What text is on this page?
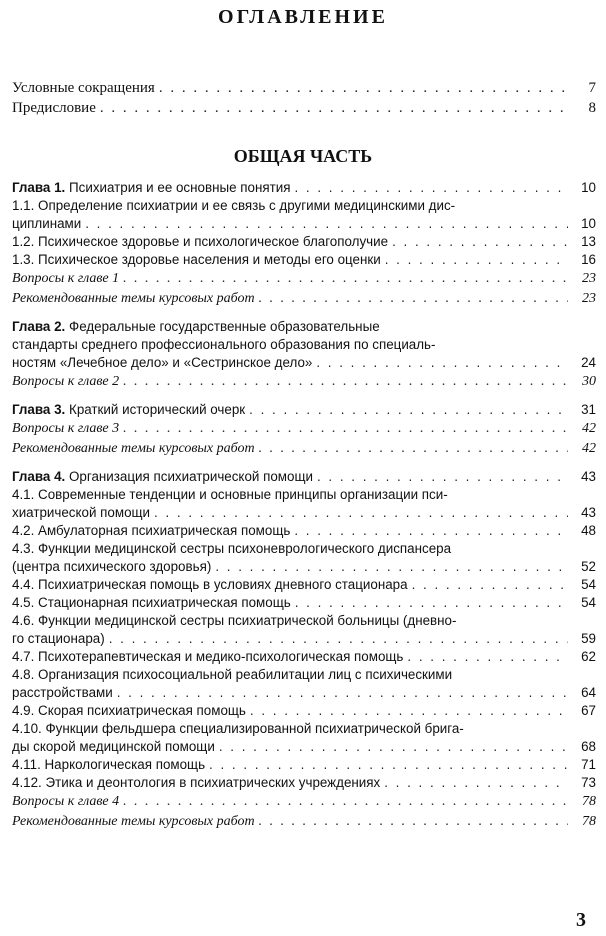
ОГЛАВЛЕНИЕ
Условные сокращения . . .	7
Предисловие . . .	8
ОБЩАЯ ЧАСТЬ
Глава 1. Психиатрия и ее основные понятия . . .	10
1.1. Определение психиатрии и ее связь с другими медицинскими дис-
циплинами . . .	10
1.2. Психическое здоровье и психологическое благополучие . . .	13
1.3. Психическое здоровье населения и методы его оценки . . .	16
Вопросы к главе 1 . . .	23
Рекомендованные темы курсовых работ . . .	23
Глава 2. Федеральные государственные образовательные
стандарты среднего профессионального образования по специаль-
ностям «Лечебное дело» и «Сестринское дело» . . .	24
Вопросы к главе 2 . . .	30
Глава 3. Краткий исторический очерк . . .	31
Вопросы к главе 3 . . .	42
Рекомендованные темы курсовых работ . . .	42
Глава 4. Организация психиатрической помощи . . .	43
4.1. Современные тенденции и основные принципы организации пси-
хиатрической помощи . . .	43
4.2. Амбулаторная психиатрическая помощь . . .	48
4.3. Функции медицинской сестры психоневрологического диспансера
(центра психического здоровья) . . .	52
4.4. Психиатрическая помощь в условиях дневного стационара . . .	54
4.5. Стационарная психиатрическая помощь . . .	54
4.6. Функции медицинской сестры психиатрической больницы (дневно-
го стационара) . . .	59
4.7. Психотерапевтическая и медико-психологическая помощь . . .	62
4.8. Организация психосоциальной реабилитации лиц с психическими
расстройствами . . .	64
4.9. Скорая психиатрическая помощь . . .	67
4.10. Функции фельдшера специализированной психиатрической брига-
ды скорой медицинской помощи . . .	68
4.11. Наркологическая помощь . . .	71
4.12. Этика и деонтология в психиатрических учреждениях . . .	73
Вопросы к главе 4 . . .	78
Рекомендованные темы курсовых работ . . .	78
3
